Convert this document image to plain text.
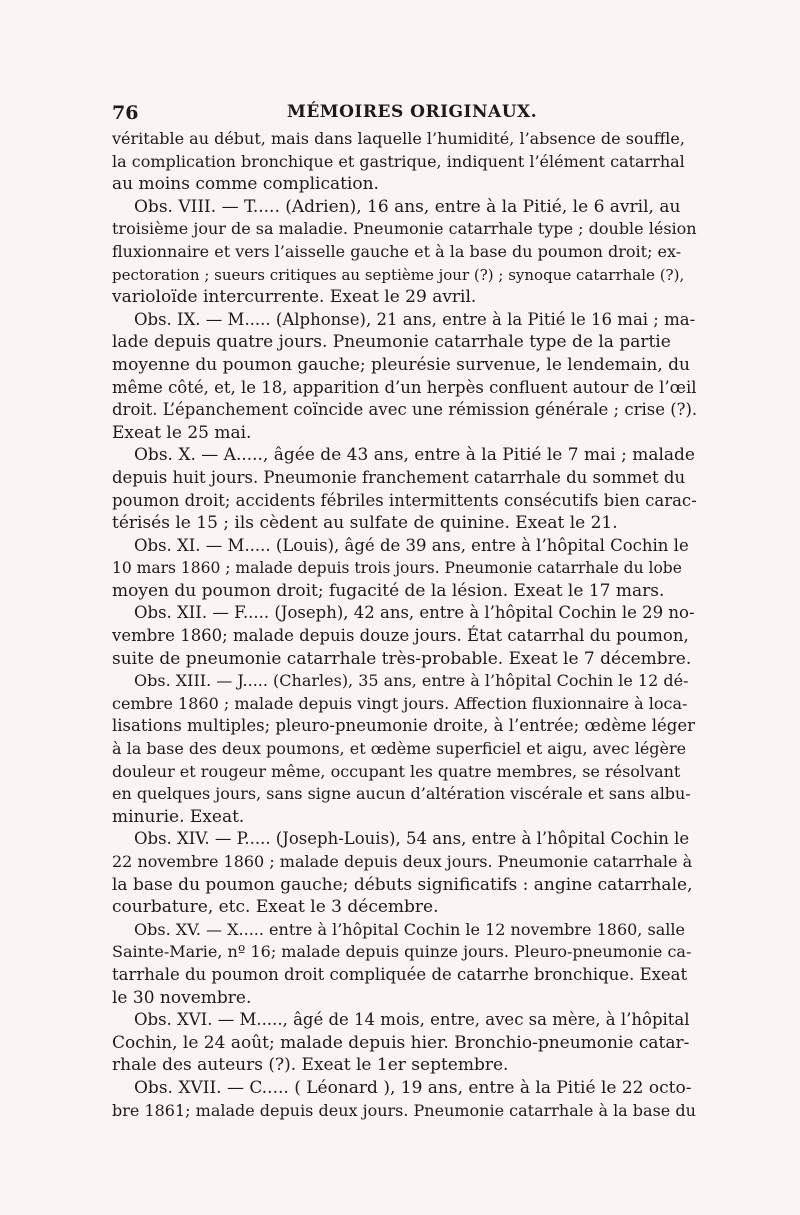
76	MÉMOIRES ORIGINAUX.
véritable au début, mais dans laquelle l’humidité, l’absence de souffle,
la complication bronchique et gastrique, indiquent l’élément catarrhal
au moins comme complication.
Obs. VIII. — T..... (Adrien), 16 ans, entre à la Pitié, le 6 avril, au
troisième jour de sa maladie. Pneumonie catarrhale type ; double lésion
fluxionnaire et vers l’aisselle gauche et à la base du poumon droit; ex-
pectoration ; sueurs critiques au septième jour (?) ; synoque catarrhale (?),
varioloïde intercurrente. Exeat le 29 avril.
Obs. IX. — M..... (Alphonse), 21 ans, entre à la Pitié le 16 mai ; ma-
lade depuis quatre jours. Pneumonie catarrhale type de la partie
moyenne du poumon gauche; pleurésie survenue, le lendemain, du
même côté, et, le 18, apparition d’un herpès confluent autour de l’œil
droit. L’épanchement coïncide avec une rémission générale ; crise (?).
Exeat le 25 mai.
Obs. X. — A....., âgée de 43 ans, entre à la Pitié le 7 mai ; malade
depuis huit jours. Pneumonie franchement catarrhale du sommet du
poumon droit; accidents fébriles intermittents consécutifs bien carac-
térisés le 15 ; ils cèdent au sulfate de quinine. Exeat le 21.
Obs. XI. — M..... (Louis), âgé de 39 ans, entre à l’hôpital Cochin le
10 mars 1860 ; malade depuis trois jours. Pneumonie catarrhale du lobe
moyen du poumon droit; fugacité de la lésion. Exeat le 17 mars.
Obs. XII. — F..... (Joseph), 42 ans, entre à l’hôpital Cochin le 29 no-
vembre 1860; malade depuis douze jours. État catarrhal du poumon,
suite de pneumonie catarrhale très-probable. Exeat le 7 décembre.
Obs. XIII. — J..... (Charles), 35 ans, entre à l’hôpital Cochin le 12 dé-
cembre 1860 ; malade depuis vingt jours. Affection fluxionnaire à loca-
lisations multiples; pleuro-pneumonie droite, à l’entrée; œdème léger
à la base des deux poumons, et œdème superficiel et aigu, avec légère
douleur et rougeur même, occupant les quatre membres, se résolvant
en quelques jours, sans signe aucun d’altération viscérale et sans albu-
minurie. Exeat.
Obs. XIV. — P..... (Joseph-Louis), 54 ans, entre à l’hôpital Cochin le
22 novembre 1860 ; malade depuis deux jours. Pneumonie catarrhale à
la base du poumon gauche; débuts significatifs : angine catarrhale,
courbature, etc. Exeat le 3 décembre.
Obs. XV. — X..... entre à l’hôpital Cochin le 12 novembre 1860, salle
Sainte-Marie, nº 16; malade depuis quinze jours. Pleuro-pneumonie ca-
tarrhale du poumon droit compliquée de catarrhe bronchique. Exeat
le 30 novembre.
Obs. XVI. — M....., âgé de 14 mois, entre, avec sa mère, à l’hôpital
Cochin, le 24 août; malade depuis hier. Bronchio-pneumonie catar-
rhale des auteurs (?). Exeat le 1er septembre.
Obs. XVII. — C..... ( Léonard ), 19 ans, entre à la Pitié le 22 octo-
bre 1861; malade depuis deux jours. Pneumonie catarrhale à la base du
